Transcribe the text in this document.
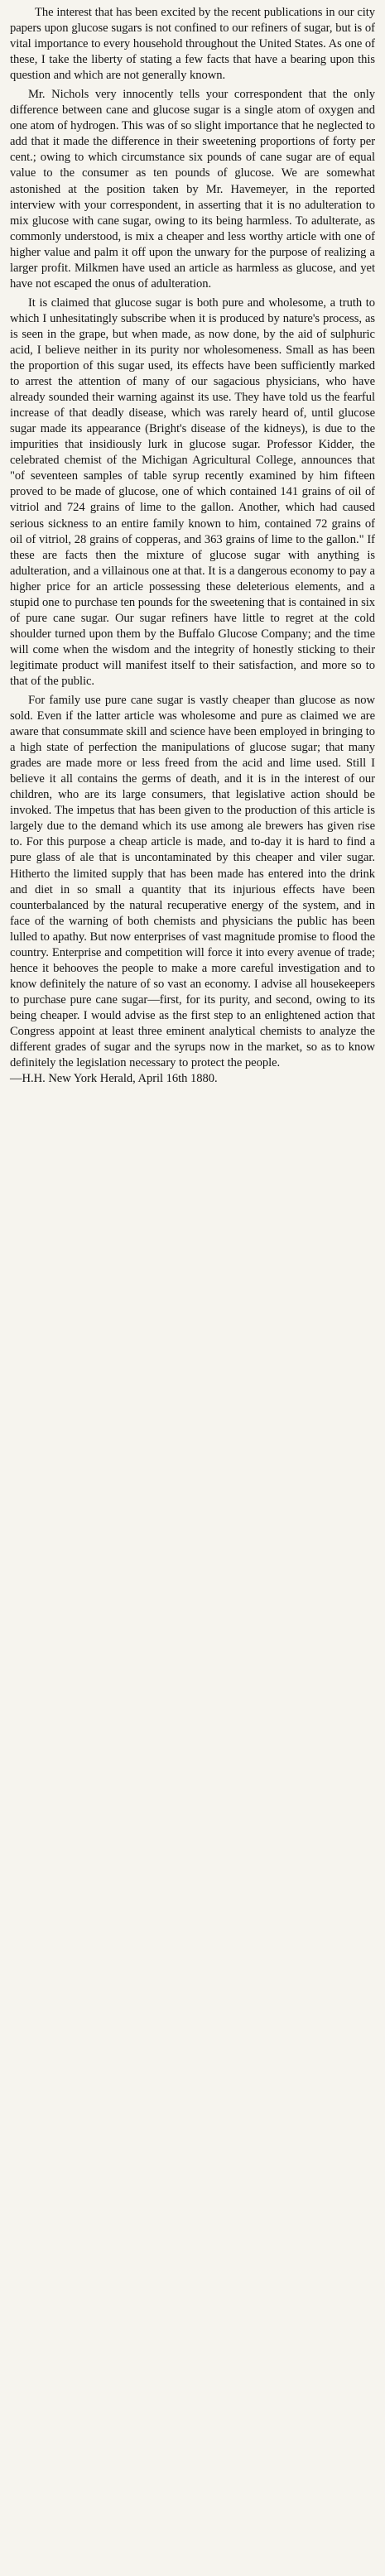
The interest that has been excited by the recent publications in our city papers upon glucose sugars is not confined to our refiners of sugar, but is of vital importance to every household throughout the United States. As one of these, I take the liberty of stating a few facts that have a bearing upon this question and which are not generally known.

Mr. Nichols very innocently tells your correspondent that the only difference between cane and glucose sugar is a single atom of oxygen and one atom of hydrogen. This was of so slight importance that he neglected to add that it made the difference in their sweetening proportions of forty per cent.; owing to which circumstance six pounds of cane sugar are of equal value to the consumer as ten pounds of glucose. We are somewhat astonished at the position taken by Mr. Havemeyer, in the reported interview with your correspondent, in asserting that it is no adulteration to mix glucose with cane sugar, owing to its being harmless. To adulterate, as commonly understood, is mix a cheaper and less worthy article with one of higher value and palm it off upon the unwary for the purpose of realizing a larger profit. Milkmen have used an article as harmless as glucose, and yet have not escaped the onus of adulteration.

It is claimed that glucose sugar is both pure and wholesome, a truth to which I unhesitatingly subscribe when it is produced by nature's process, as is seen in the grape, but when made, as now done, by the aid of sulphuric acid, I believe neither in its purity nor wholesomeness. Small as has been the proportion of this sugar used, its effects have been sufficiently marked to arrest the attention of many of our sagacious physicians, who have already sounded their warning against its use. They have told us the fearful increase of that deadly disease, which was rarely heard of, until glucose sugar made its appearance (Bright's disease of the kidneys), is due to the impurities that insidiously lurk in glucose sugar. Professor Kidder, the celebrated chemist of the Michigan Agricultural College, announces that "of seventeen samples of table syrup recently examined by him fifteen proved to be made of glucose, one of which contained 141 grains of oil of vitriol and 724 grains of lime to the gallon. Another, which had caused serious sickness to an entire family known to him, contained 72 grains of oil of vitriol, 28 grains of copperas, and 363 grains of lime to the gallon." If these are facts then the mixture of glucose sugar with anything is adulteration, and a villainous one at that. It is a dangerous economy to pay a higher price for an article possessing these deleterious elements, and a stupid one to purchase ten pounds for the sweetening that is contained in six of pure cane sugar. Our sugar refiners have little to regret at the cold shoulder turned upon them by the Buffalo Glucose Company; and the time will come when the wisdom and the integrity of honestly sticking to their legitimate product will manifest itself to their satisfaction, and more so to that of the public.

For family use pure cane sugar is vastly cheaper than glucose as now sold. Even if the latter article was wholesome and pure as claimed we are aware that consummate skill and science have been employed in bringing to a high state of perfection the manipulations of glucose sugar; that many grades are made more or less freed from the acid and lime used. Still I believe it all contains the germs of death, and it is in the interest of our children, who are its large consumers, that legislative action should be invoked. The impetus that has been given to the production of this article is largely due to the demand which its use among ale brewers has given rise to. For this purpose a cheap article is made, and to-day it is hard to find a pure glass of ale that is uncontaminated by this cheaper and viler sugar. Hitherto the limited supply that has been made has entered into the drink and diet in so small a quantity that its injurious effects have been counterbalanced by the natural recuperative energy of the system, and in face of the warning of both chemists and physicians the public has been lulled to apathy. But now enterprises of vast magnitude promise to flood the country. Enterprise and competition will force it into every avenue of trade; hence it behooves the people to make a more careful investigation and to know definitely the nature of so vast an economy. I advise all housekeepers to purchase pure cane sugar—first, for its purity, and second, owing to its being cheaper. I would advise as the first step to an enlightened action that Congress appoint at least three eminent analytical chemists to analyze the different grades of sugar and the syrups now in the market, so as to know definitely the legislation necessary to protect the people.

—H.H. New York Herald, April 16th 1880.
